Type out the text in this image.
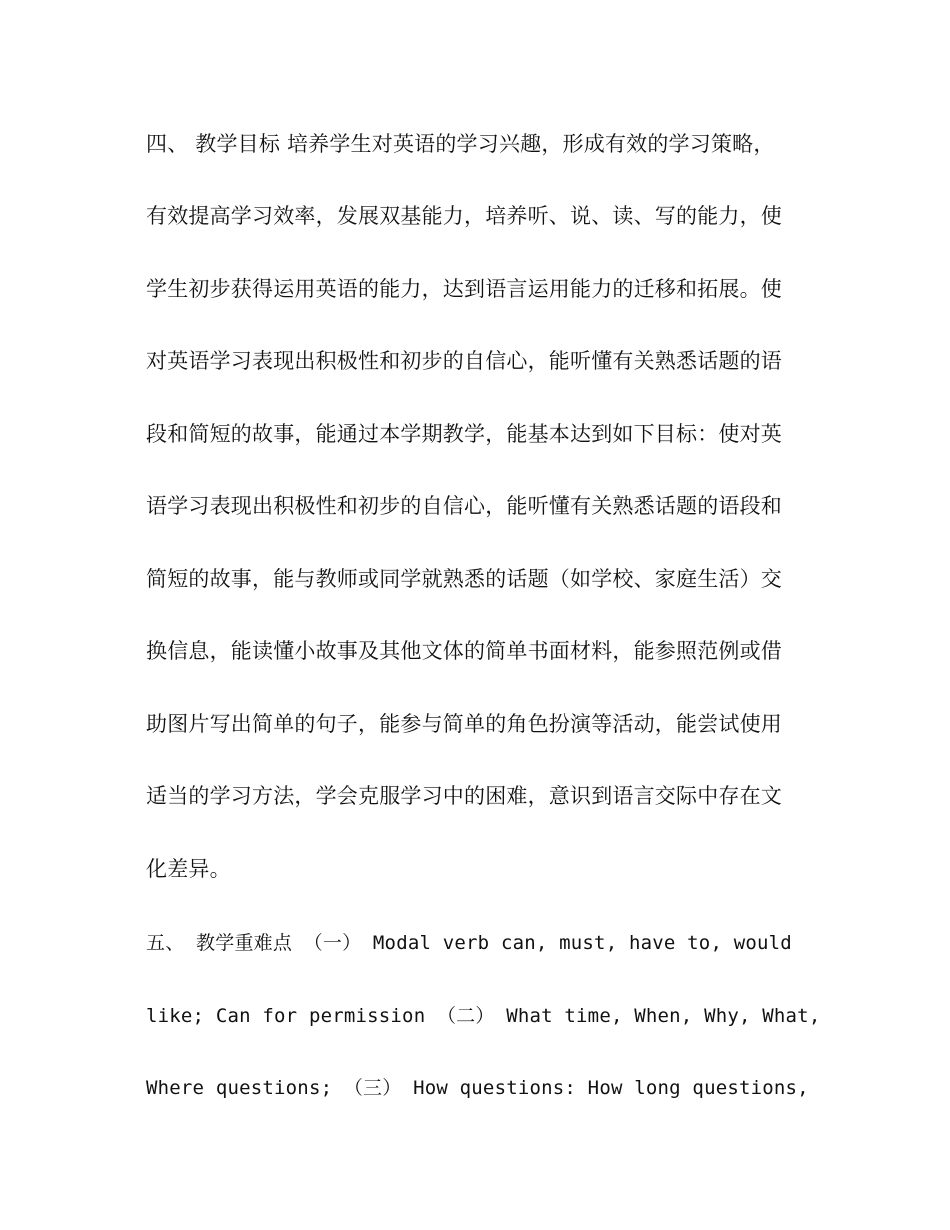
四、 教学目标 培养学生对英语的学习兴趣，形成有效的学习策略，
有效提高学习效率，发展双基能力，培养听、说、读、写的能力，使
学生初步获得运用英语的能力，达到语言运用能力的迁移和拓展。使
对英语学习表现出积极性和初步的自信心，能听懂有关熟悉话题的语
段和简短的故事，能通过本学期教学，能基本达到如下目标：使对英
语学习表现出积极性和初步的自信心，能听懂有关熟悉话题的语段和
简短的故事，能与教师或同学就熟悉的话题（如学校、家庭生活）交
换信息，能读懂小故事及其他文体的简单书面材料，能参照范例或借
助图片写出简单的句子，能参与简单的角色扮演等活动，能尝试使用
适当的学习方法，学会克服学习中的困难，意识到语言交际中存在文
化差异。
五、 教学重难点 （一） Modal verb can, must, have to, would
like; Can for permission （二） What time, When, Why, What,
Where questions; （三） How questions: How long questions,
